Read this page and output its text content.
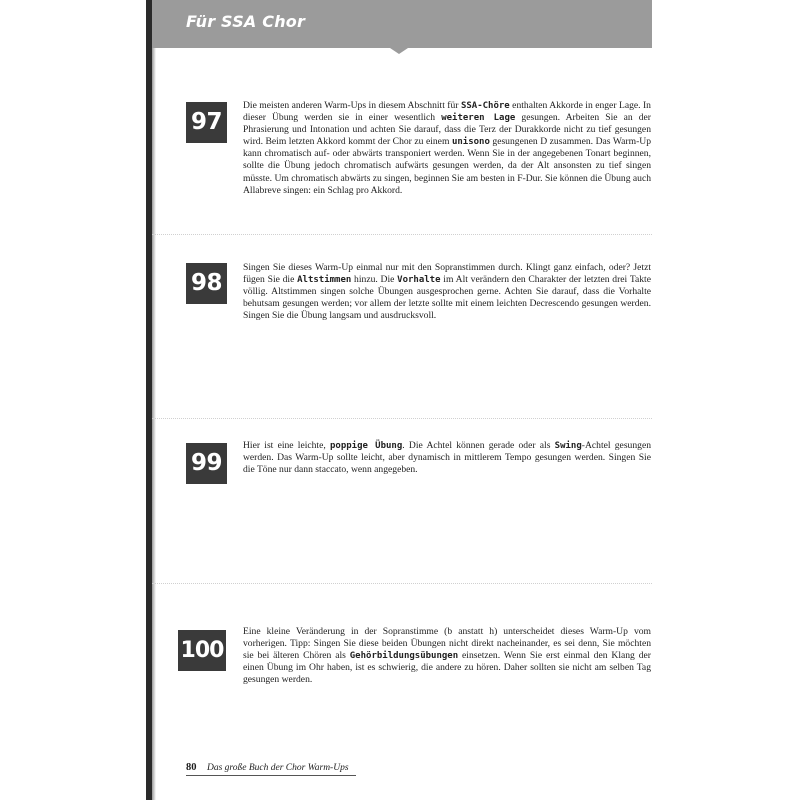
Für SSA Chor
97

Die meisten anderen Warm-Ups in diesem Abschnitt für SSA-Chöre enthalten Akkorde in enger Lage. In dieser Übung werden sie in einer wesentlich weiteren Lage gesungen. Arbeiten Sie an der Phrasierung und Intonation und achten Sie darauf, dass die Terz der Durakkorde nicht zu tief gesungen wird. Beim letzten Akkord kommt der Chor zu einem unisono gesungenen D zusammen. Das Warm-Up kann chromatisch auf- oder abwärts transponiert werden. Wenn Sie in der angegebenen Tonart beginnen, sollte die Übung jedoch chromatisch aufwärts gesungen werden, da der Alt ansonsten zu tief singen müsste. Um chromatisch abwärts zu singen, beginnen Sie am besten in F-Dur. Sie können die Übung auch Allabreve singen: ein Schlag pro Akkord.

98

Singen Sie dieses Warm-Up einmal nur mit den Sopranstimmen durch. Klingt ganz einfach, oder? Jetzt fügen Sie die Altstimmen hinzu. Die Vorhalte im Alt verändern den Charakter der letzten drei Takte völlig. Altstimmen singen solche Übungen ausgesprochen gerne. Achten Sie darauf, dass die Vorhalte behutsam gesungen werden; vor allem der letzte sollte mit einem leichten Decrescendo gesungen werden. Singen Sie die Übung langsam und ausdrucksvoll.

99

Hier ist eine leichte, poppige Übung. Die Achtel können gerade oder als Swing-Achtel gesungen werden. Das Warm-Up sollte leicht, aber dynamisch in mittlerem Tempo gesungen werden. Singen Sie die Töne nur dann staccato, wenn angegeben.

100

Eine kleine Veränderung in der Sopranstimme (b anstatt h) unterscheidet dieses Warm-Up vom vorherigen. Tipp: Singen Sie diese beiden Übungen nicht direkt nacheinander, es sei denn, Sie möchten sie bei älteren Chören als Gehörbildungsübungen einsetzen. Wenn Sie erst einmal den Klang der einen Übung im Ohr haben, ist es schwierig, die andere zu hören. Daher sollten sie nicht am selben Tag gesungen werden.

80 Das große Buch der Chor Warm-Ups
